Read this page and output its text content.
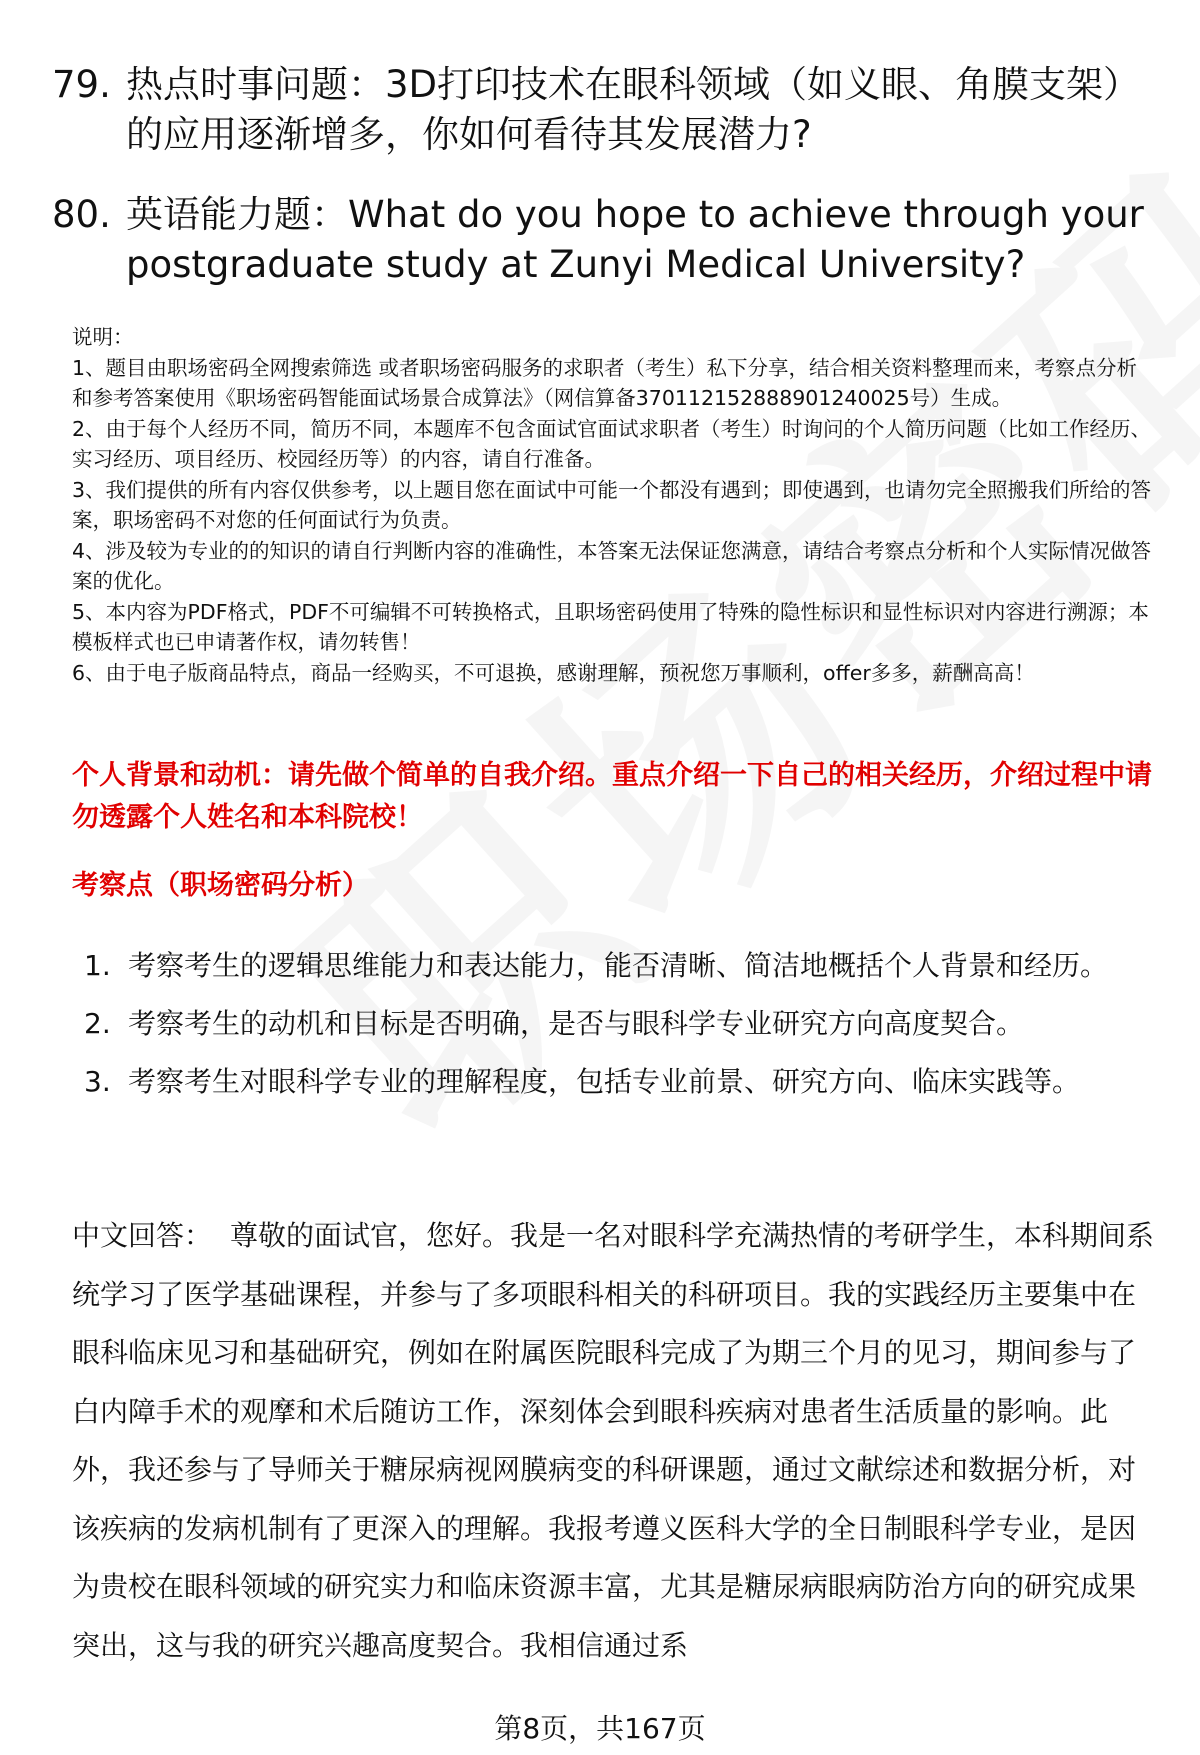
79. 热点时事问题：3D打印技术在眼科领域（如义眼、角膜支架）的应用逐渐增多，你如何看待其发展潜力?
80. 英语能力题：What do you hope to achieve through your postgraduate study at Zunyi Medical University?

说明：

1、题目由职场密码全网搜索筛选 或者职场密码服务的求职者（考生）私下分享，结合相关资料整理而来，考察点分析和参考答案使用《职场密码智能面试场景合成算法》（网信算备370112152888901240025号）生成。

2、由于每个人经历不同，简历不同，本题库不包含面试官面试求职者（考生）时询问的个人简历问题（比如工作经历、实习经历、项目经历、校园经历等）的内容，请自行准备。

3、我们提供的所有内容仅供参考，以上题目您在面试中可能一个都没有遇到；即使遇到，也请勿完全照搬我们所给的答案，职场密码不对您的任何面试行为负责。

4、涉及较为专业的的知识的请自行判断内容的准确性，本答案无法保证您满意，请结合考察点分析和个人实际情况做答案的优化。

5、本内容为PDF格式，PDF不可编辑不可转换格式，且职场密码使用了特殊的隐性标识和显性标识对内容进行溯源；本模板样式也已申请著作权，请勿转售！

6、由于电子版商品特点，商品一经购买，不可退换，感谢理解，预祝您万事顺利，offer多多，薪酬高高！

个人背景和动机：请先做个简单的自我介绍。重点介绍一下自己的相关经历，介绍过程中请勿透露个人姓名和本科院校！
考察点（职场密码分析）
1. 考察考生的逻辑思维能力和表达能力，能否清晰、简洁地概括个人背景和经历。
2. 考察考生的动机和目标是否明确，是否与眼科学专业研究方向高度契合。
3. 考察考生对眼科学专业的理解程度，包括专业前景、研究方向、临床实践等。

中文回答： 尊敬的面试官，您好。我是一名对眼科学充满热情的考研学生，本科期间系统学习了医学基础课程，并参与了多项眼科相关的科研项目。我的实践经历主要集中在眼科临床见习和基础研究，例如在附属医院眼科完成了为期三个月的见习，期间参与了白内障手术的观摩和术后随访工作，深刻体会到眼科疾病对患者生活质量的影响。此外，我还参与了导师关于糖尿病视网膜病变的科研课题，通过文献综述和数据分析，对该疾病的发病机制有了更深入的理解。我报考遵义医科大学的全日制眼科学专业，是因为贵校在眼科领域的研究实力和临床资源丰富，尤其是糖尿病眼病防治方向的研究成果突出，这与我的研究兴趣高度契合。我相信通过系

第8页，共167页
